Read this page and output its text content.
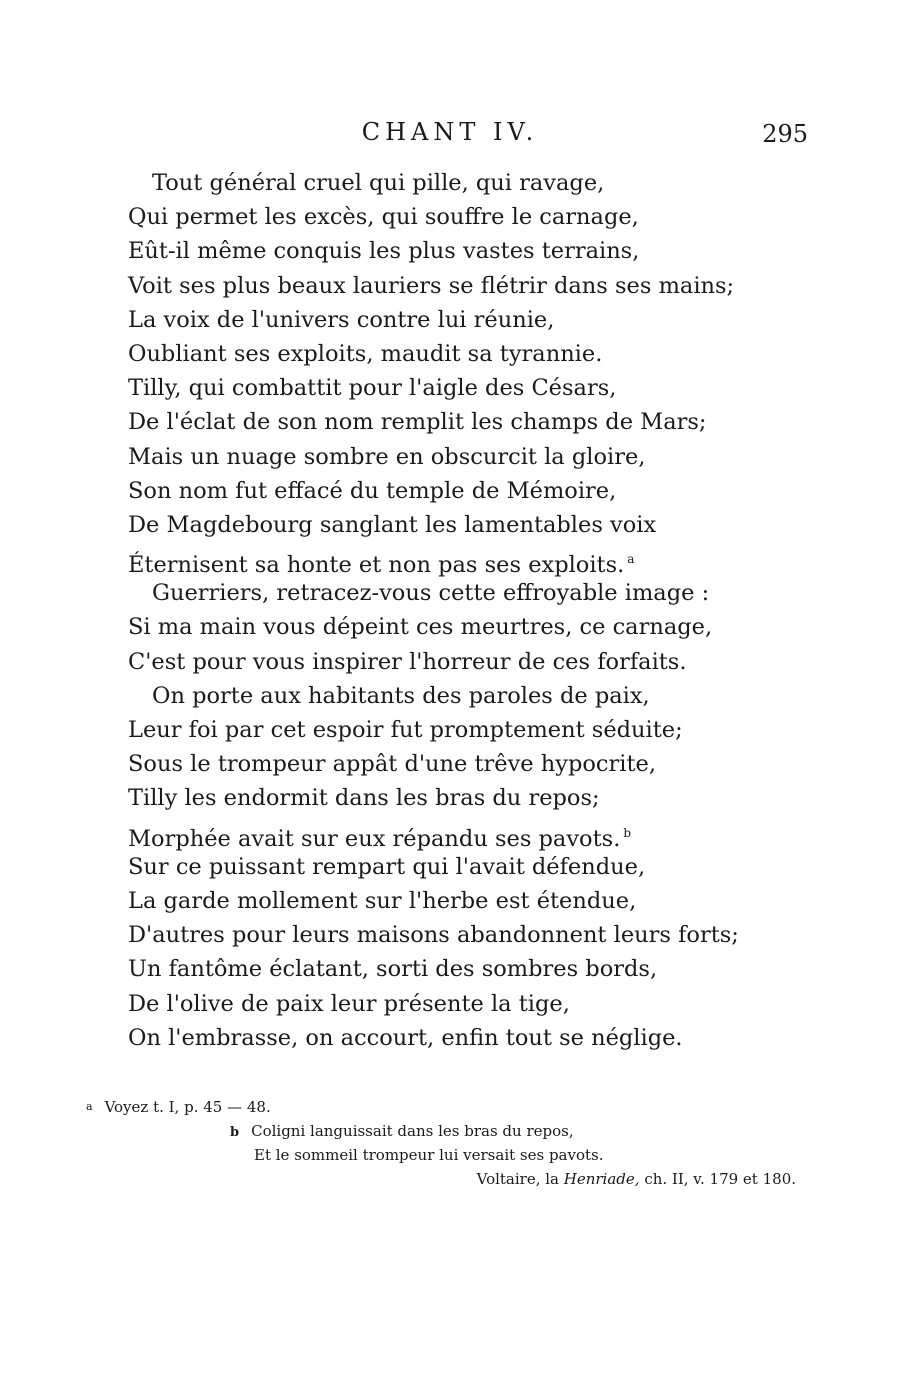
CHANT IV.	295
Tout général cruel qui pille, qui ravage,
Qui permet les excès, qui souffre le carnage,
Eût-il même conquis les plus vastes terrains,
Voit ses plus beaux lauriers se flétrir dans ses mains;
La voix de l'univers contre lui réunie,
Oubliant ses exploits, maudit sa tyrannie.
Tilly, qui combattit pour l'aigle des Césars,
De l'éclat de son nom remplit les champs de Mars;
Mais un nuage sombre en obscurcit la gloire,
Son nom fut effacé du temple de Mémoire,
De Magdebourg sanglant les lamentables voix
Éternisent sa honte et non pas ses exploits. $^a$
Guerriers, retracez-vous cette effroyable image :
Si ma main vous dépeint ces meurtres, ce carnage,
C'est pour vous inspirer l'horreur de ces forfaits.
On porte aux habitants des paroles de paix,
Leur foi par cet espoir fut promptement séduite;
Sous le trompeur appât d'une trêve hypocrite,
Tilly les endormit dans les bras du repos;
Morphée avait sur eux répandu ses pavots. $^b$
Sur ce puissant rempart qui l'avait défendue,
La garde mollement sur l'herbe est étendue,
D'autres pour leurs maisons abandonnent leurs forts;
Un fantôme éclatant, sorti des sombres bords,
De l'olive de paix leur présente la tige,
On l'embrasse, on accourt, enfin tout se néglige.
a Voyez t. I, p. 45 — 48.
b Coligni languissait dans les bras du repos,
Et le sommeil trompeur lui versait ses pavots.
Voltaire, la Henriade, ch. II, v. 179 et 180.
